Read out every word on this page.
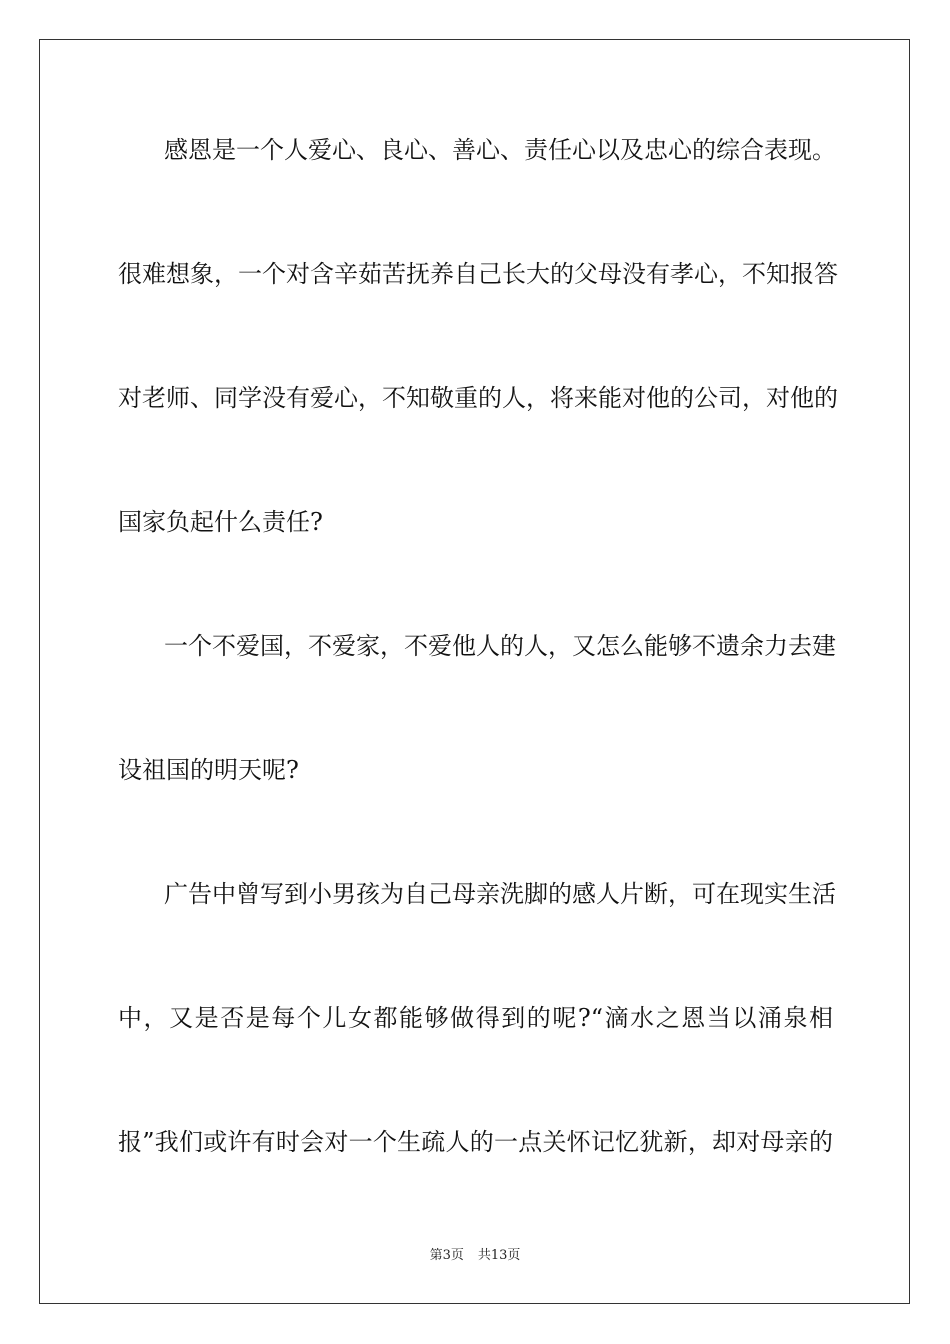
感恩是一个人爱心、良心、善心、责任心以及忠心的综合表现。
很难想象，一个对含辛茹苦抚养自己长大的父母没有孝心，不知报答
对老师、同学没有爱心，不知敬重的人，将来能对他的公司，对他的
国家负起什么责任?
一个不爱国，不爱家，不爱他人的人，又怎么能够不遗余力去建
设祖国的明天呢?
广告中曾写到小男孩为自己母亲洗脚的感人片断，可在现实生活
中，又是否是每个儿女都能够做得到的呢?“滴水之恩当以涌泉相
报”我们或许有时会对一个生疏人的一点关怀记忆犹新，却对母亲的
第3页 共13页
